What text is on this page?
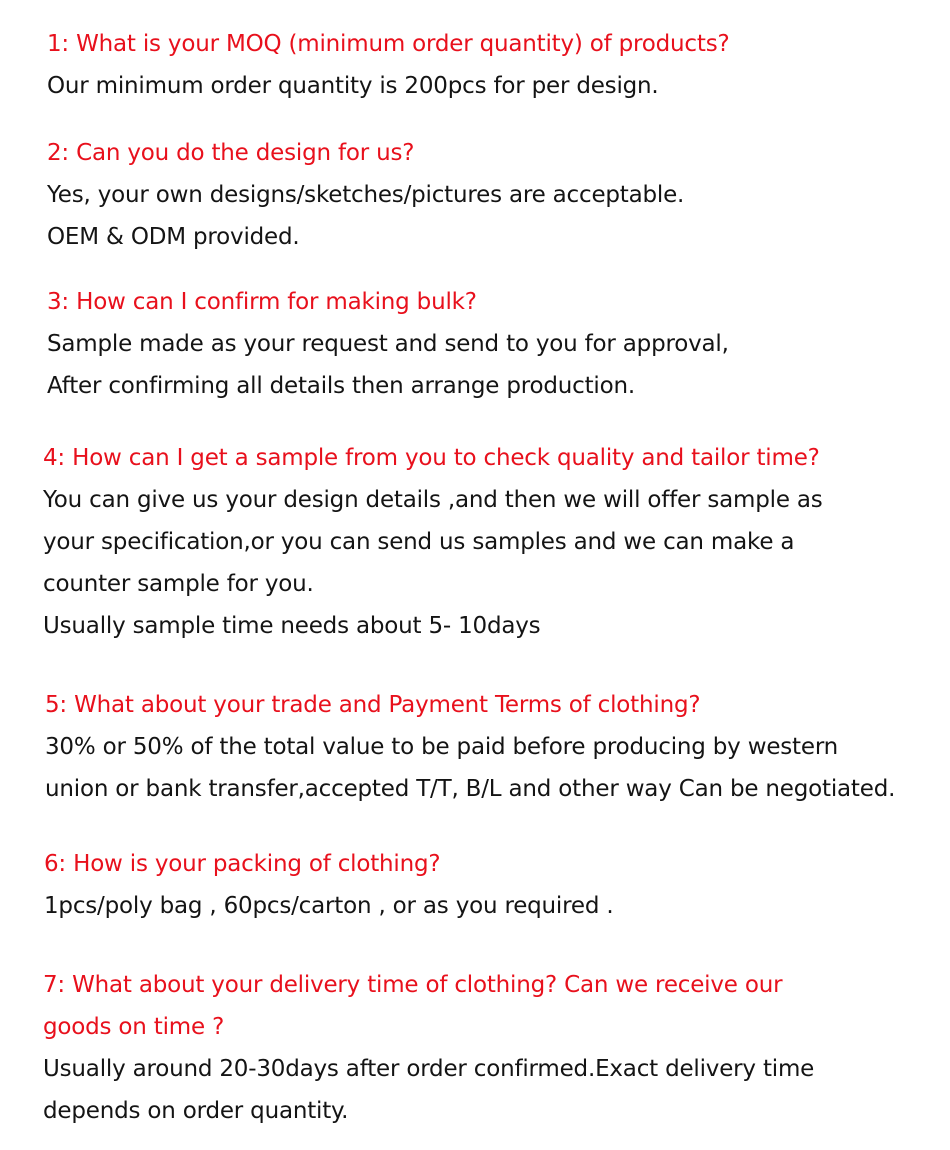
1: What is your MOQ (minimum order quantity) of products?
Our minimum order quantity is 200pcs for per design.
2: Can you do the design for us?
Yes, your own designs/sketches/pictures are acceptable.
OEM & ODM provided.
3: How can I confirm for making bulk?
Sample made as your request and send to you for approval,
After confirming all details then arrange production.
4: How can I get a sample from you to check quality and tailor time?
You can give us your design details ,and then we will offer sample as
your specification,or you can send us samples and we can make a
counter sample for you.
Usually sample time needs about 5- 10days
5: What about your trade and Payment Terms of clothing?
30% or 50% of the total value to be paid before producing by western
union or bank transfer,accepted T/T, B/L and other way Can be negotiated.
6: How is your packing of clothing?
1pcs/poly bag , 60pcs/carton , or as you required .
7: What about your delivery time of clothing? Can we receive our
goods on time ?
Usually around 20-30days after order confirmed.Exact delivery time
depends on order quantity.
